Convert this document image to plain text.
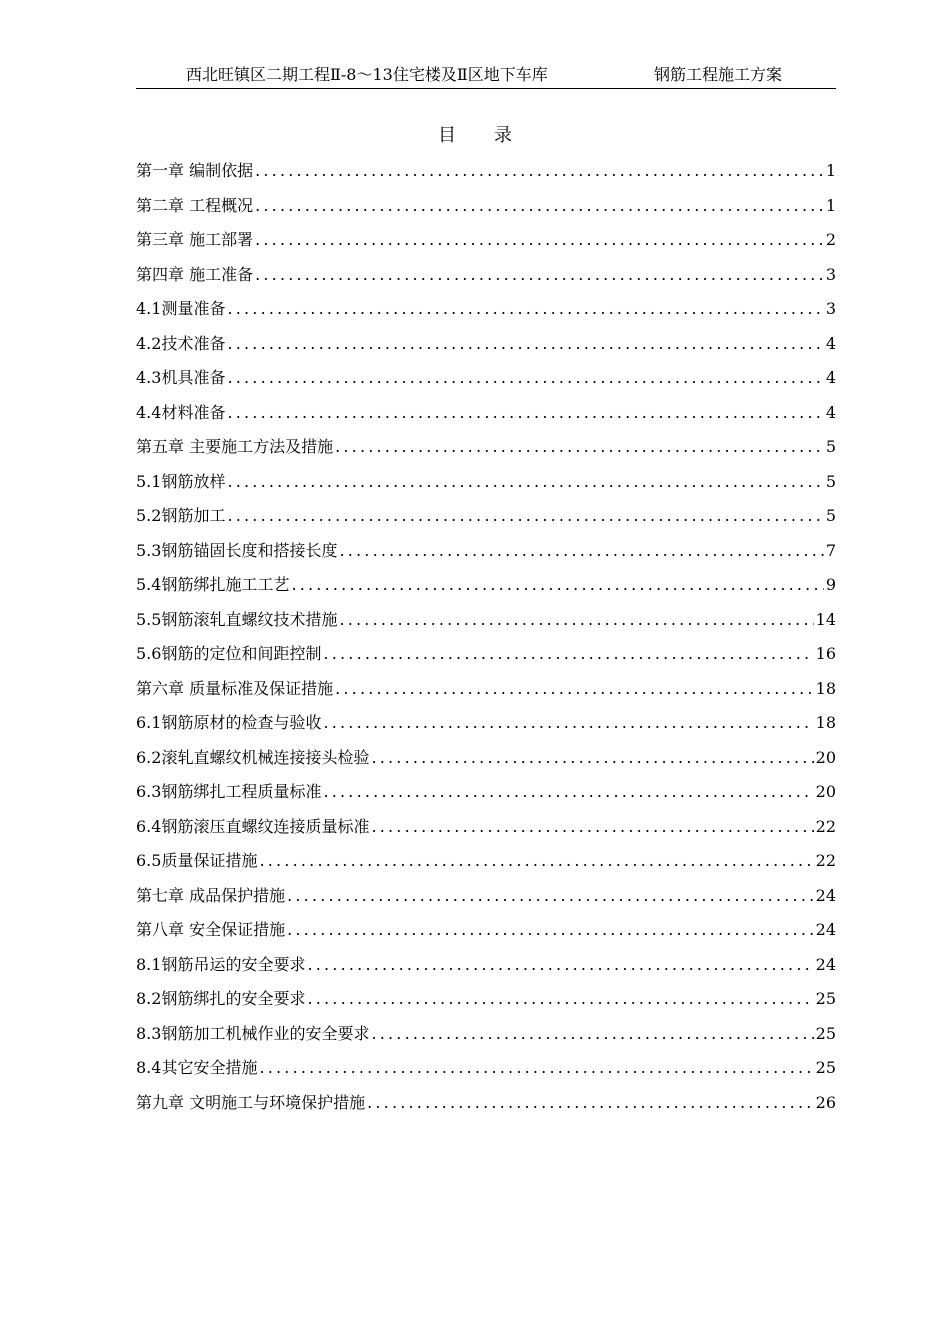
西北旺镇区二期工程Ⅱ-8～13住宅楼及Ⅱ区地下车库	钢筋工程施工方案
目录
第一章 编制依据 .....	1
第二章 工程概况 .....	1
第三章 施工部署 .....	2
第四章 施工准备 .....	3
4.1测量准备 .....	3
4.2技术准备 .....	4
4.3机具准备 .....	4
4.4材料准备 .....	4
第五章 主要施工方法及措施 .....	5
5.1钢筋放样 .....	5
5.2钢筋加工 .....	5
5.3钢筋锚固长度和搭接长度 .....	7
5.4钢筋绑扎施工工艺 .....	9
5.5钢筋滚轧直螺纹技术措施 .....	14
5.6钢筋的定位和间距控制 .....	16
第六章 质量标准及保证措施 .....	18
6.1钢筋原材的检查与验收 .....	18
6.2滚轧直螺纹机械连接接头检验 .....	20
6.3钢筋绑扎工程质量标准 .....	20
6.4钢筋滚压直螺纹连接质量标准 .....	22
6.5质量保证措施 .....	22
第七章 成品保护措施 .....	24
第八章 安全保证措施 .....	24
8.1钢筋吊运的安全要求 .....	24
8.2钢筋绑扎的安全要求 .....	25
8.3钢筋加工机械作业的安全要求 .....	25
8.4其它安全措施 .....	25
第九章 文明施工与环境保护措施 .....	26
